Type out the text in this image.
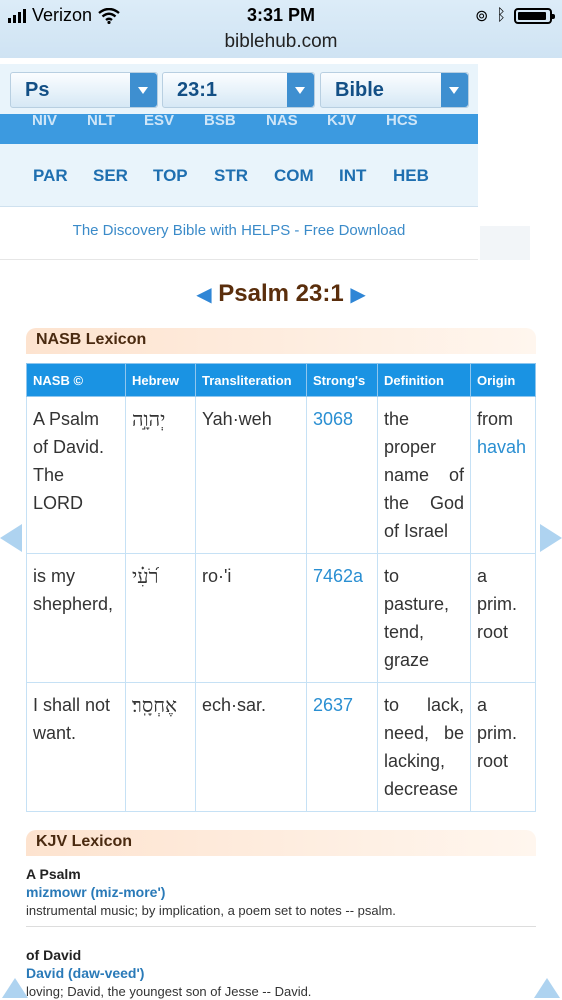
Verizon	3:31 PM
biblehub.com
⊚ ᛒ
Ps	23:1	Bible
NIV NLT ESV BSB NAS KJV HCS
PAR SER TOP STR COM INT HEB
The Discovery Bible with HELPS - Free Download
◀ Psalm 23:1 ▶
NASB Lexicon
NASB ©	Hebrew	Transliteration	Strong's	Definition	Origin
A Psalm of David. The LORD	יְהוָ֣ה	Yah·weh	3068	the proper name of the God of Israel	from
havah
is my shepherd,	רֹ֝עִ֗י	ro·'i	7462a	to pasture, tend, graze	a prim. root
I shall not want.	אֶחְסָֽר׃	ech·sar.	2637	to lack, need, be lacking, decrease	a prim. root
KJV Lexicon
A Psalm
mizmowr (miz-more')
instrumental music; by implication, a poem set to notes -- psalm.
of David
David (daw-veed')
loving; David, the youngest son of Jesse -- David.
